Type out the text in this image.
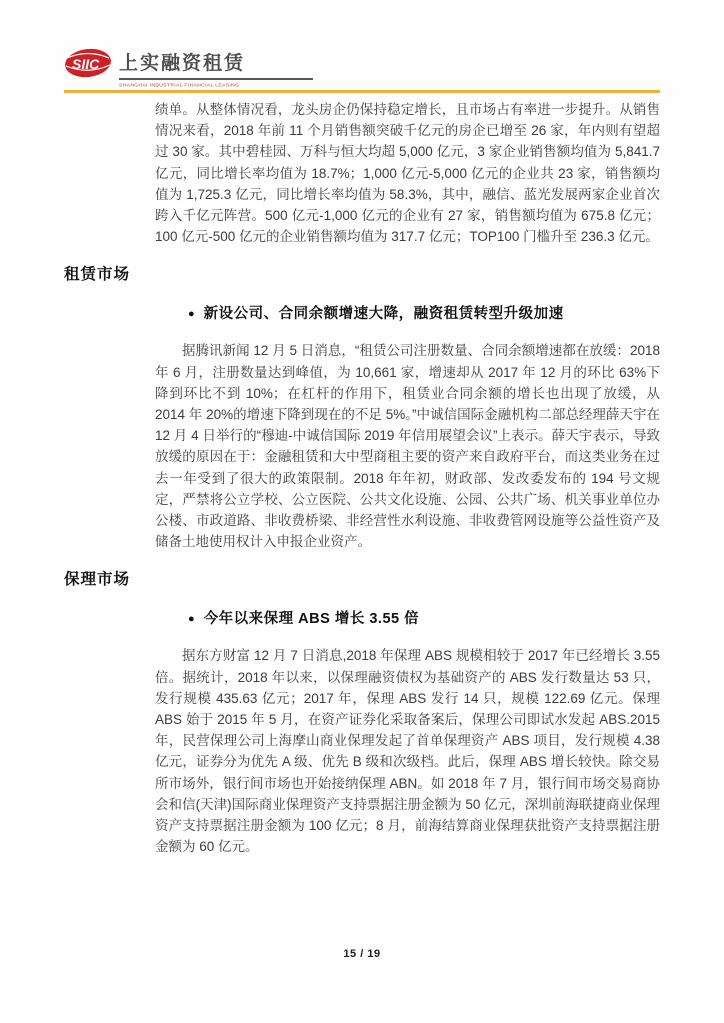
SIIC 上实融资租赁
SHANGHAI INDUSTRIAL FINANCIAL LEASING

绩单。从整体情况看，龙头房企仍保持稳定增长，且市场占有率进一步提升。从销售情况来看，2018 年前 11 个月销售额突破千亿元的房企已增至 26 家，年内则有望超过 30 家。其中碧桂园、万科与恒大均超 5,000 亿元，3 家企业销售额均值为 5,841.7 亿元，同比增长率均值为 18.7%；1,000 亿元-5,000 亿元的企业共 23 家，销售额均值为 1,725.3 亿元，同比增长率均值为 58.3%，其中，融信、蓝光发展两家企业首次跨入千亿元阵营。500 亿元-1,000 亿元的企业有 27 家，销售额均值为 675.8 亿元；100 亿元-500 亿元的企业销售额均值为 317.7 亿元；TOP100 门槛升至 236.3 亿元。

租赁市场
● 新设公司、合同余额增速大降，融资租赁转型升级加速

据腾讯新闻 12 月 5 日消息，“租赁公司注册数量、合同余额增速都在放缓：2018 年 6 月，注册数量达到峰值，为 10,661 家，增速却从 2017 年 12 月的环比 63%下降到环比不到 10%；在杠杆的作用下，租赁业合同余额的增长也出现了放缓，从 2014 年 20%的增速下降到现在的不足 5%。”中诚信国际金融机构二部总经理薛天宇在 12 月 4 日举行的“穆迪-中诚信国际 2019 年信用展望会议”上表示。薛天宇表示，导致放缓的原因在于：金融租赁和大中型商租主要的资产来自政府平台，而这类业务在过去一年受到了很大的政策限制。2018 年年初，财政部、发改委发布的 194 号文规定，严禁将公立学校、公立医院、公共文化设施、公园、公共广场、机关事业单位办公楼、市政道路、非收费桥梁、非经营性水利设施、非收费管网设施等公益性资产及储备土地使用权计入申报企业资产。

保理市场
● 今年以来保理 ABS 增长 3.55 倍

据东方财富 12 月 7 日消息,2018 年保理 ABS 规模相较于 2017 年已经增长 3.55 倍。据统计，2018 年以来，以保理融资债权为基础资产的 ABS 发行数量达 53 只，发行规模 435.63 亿元；2017 年，保理 ABS 发行 14 只，规模 122.69 亿元。保理 ABS 始于 2015 年 5 月，在资产证券化采取备案后，保理公司即试水发起 ABS.2015 年，民营保理公司上海摩山商业保理发起了首单保理资产 ABS 项目，发行规模 4.38 亿元，证券分为优先 A 级、优先 B 级和次级档。此后，保理 ABS 增长较快。除交易所市场外，银行间市场也开始接纳保理 ABN。如 2018 年 7 月，银行间市场交易商协会和信(天津)国际商业保理资产支持票据注册金额为 50 亿元，深圳前海联捷商业保理资产支持票据注册金额为 100 亿元；8 月，前海结算商业保理获批资产支持票据注册金额为 60 亿元。

15 / 19
